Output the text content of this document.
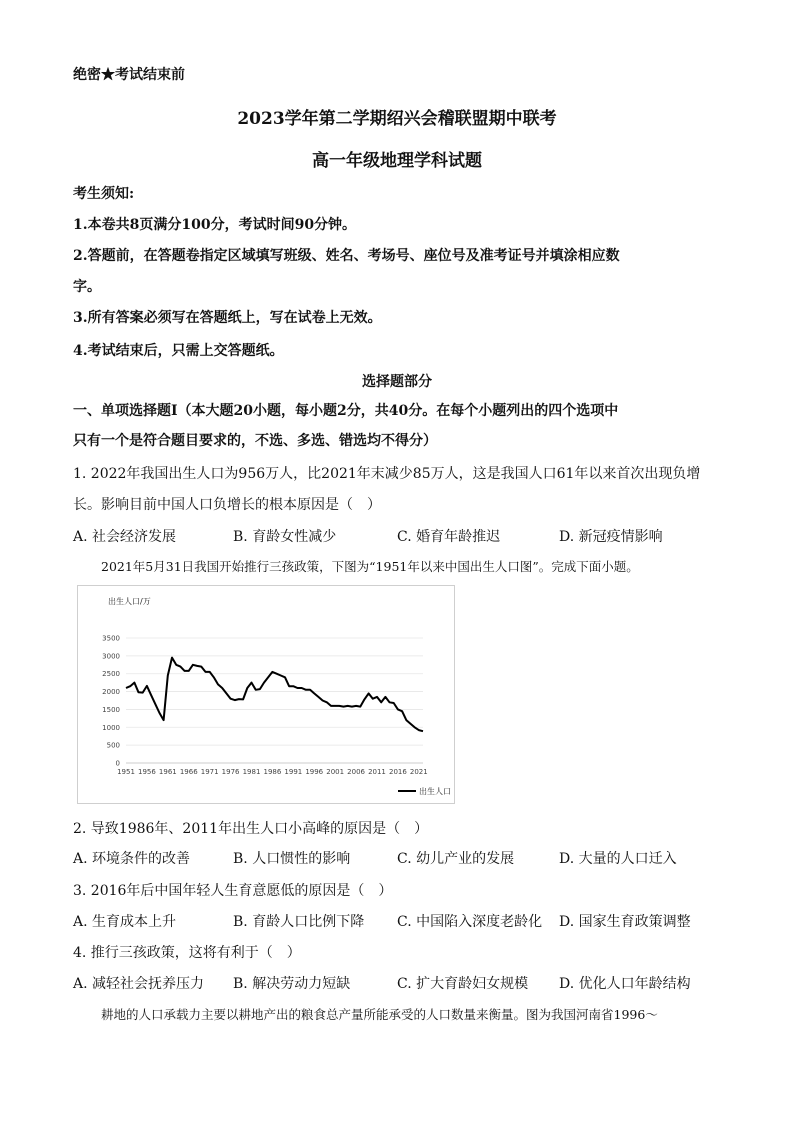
绝密★考试结束前
2023学年第二学期绍兴会稽联盟期中联考
高一年级地理学科试题
考生须知:
1.本卷共8页满分100分，考试时间90分钟。
2.答题前，在答题卷指定区域填写班级、姓名、考场号、座位号及准考证号并填涂相应数
字。
3.所有答案必须写在答题纸上，写在试卷上无效。
4.考试结束后，只需上交答题纸。
选择题部分
一、单项选择题I（本大题20小题，每小题2分，共40分。在每个小题列出的四个选项中
只有一个是符合题目要求的，不选、多选、错选均不得分）
1. 2022年我国出生人口为956万人，比2021年末减少85万人，这是我国人口61年以来首次出现负增
长。影响目前中国人口负增长的根本原因是（　）
A. 社会经济发展	B. 育龄女性减少	C. 婚育年龄推迟	D. 新冠疫情影响
2021年5月31日我国开始推行三孩政策，下图为“1951年以来中国出生人口图”。完成下面小题。
出生人口/万
0
500
1000
1500
2000
2500
3000
3500
1951 1956 1961 1966 1971 1976 1981 1986 1991 1996 2001 2006 2011 2016 2021
出生人口
2. 导致1986年、2011年出生人口小高峰的原因是（　）
A. 环境条件的改善	B. 人口惯性的影响	C. 幼儿产业的发展	D. 大量的人口迁入
3. 2016年后中国年轻人生育意愿低的原因是（　）
A. 生育成本上升	B. 育龄人口比例下降 C. 中国陷入深度老龄化 D. 国家生育政策调整
4. 推行三孩政策，这将有利于（　）
A. 减轻社会抚养压力 B. 解决劳动力短缺	C. 扩大育龄妇女规模 D. 优化人口年龄结构
耕地的人口承载力主要以耕地产出的粮食总产量所能承受的人口数量来衡量。图为我国河南省1996～
